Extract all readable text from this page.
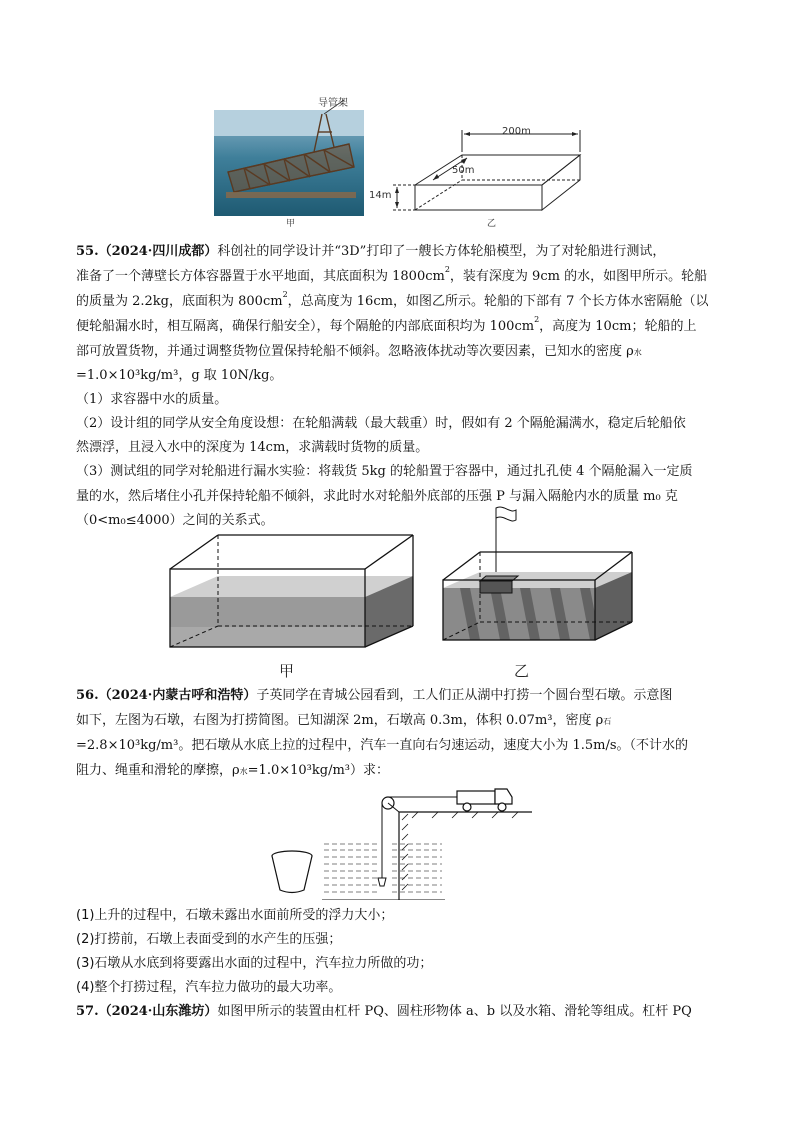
导管架
甲
200m
50m
14m
乙
55.（2024·四川成都）科创社的同学设计并“3D”打印了一艘长方体轮船模型，为了对轮船进行测试，
准备了一个薄壁长方体容器置于水平地面，其底面积为 $1800cm^2$，装有深度为 9cm 的水，如图甲所示。轮船
的质量为 2.2kg，底面积为 $800cm^2$，总高度为 16cm，如图乙所示。轮船的下部有 7 个长方体水密隔舱（以
便轮船漏水时，相互隔离，确保行船安全），每个隔舱的内部底面积均为 $100cm^2$，高度为 10cm；轮船的上
部可放置货物，并通过调整货物位置保持轮船不倾斜。忽略液体扰动等次要因素，已知水的密度 ρ水
=1.0×10³kg/m³，g 取 10N/kg。
（1）求容器中水的质量。
（2）设计组的同学从安全角度设想：在轮船满载（最大载重）时，假如有 2 个隔舱漏满水，稳定后轮船依
然漂浮，且浸入水中的深度为 14cm，求满载时货物的质量。
（3）测试组的同学对轮船进行漏水实验：将载货 5kg 的轮船置于容器中，通过扎孔使 4 个隔舱漏入一定质
量的水，然后堵住小孔并保持轮船不倾斜，求此时水对轮船外底部的压强 P 与漏入隔舱内水的质量 m₀ 克
（0<m₀≤4000）之间的关系式。
甲	乙
56.（2024·内蒙古呼和浩特）子英同学在青城公园看到，工人们正从湖中打捞一个圆台型石墩。示意图
如下，左图为石墩，右图为打捞简图。已知湖深 2m，石墩高 0.3m，体积 0.07m³，密度 ρ石
=2.8×10³kg/m³。把石墩从水底上拉的过程中，汽车一直向右匀速运动，速度大小为 1.5m/s。（不计水的
阻力、绳重和滑轮的摩擦，ρ水=1.0×10³kg/m³）求：
(1)上升的过程中，石墩未露出水面前所受的浮力大小；
(2)打捞前，石墩上表面受到的水产生的压强；
(3)石墩从水底到将要露出水面的过程中，汽车拉力所做的功；
(4)整个打捞过程，汽车拉力做功的最大功率。
57.（2024·山东潍坊）如图甲所示的装置由杠杆 PQ、圆柱形物体 a、b 以及水箱、滑轮等组成。杠杆 PQ
